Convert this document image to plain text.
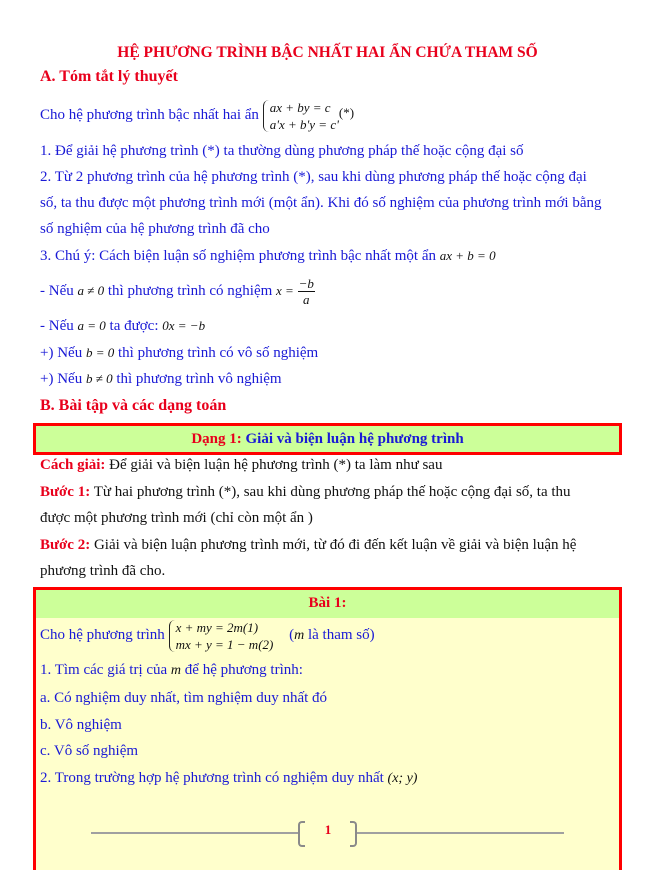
HỆ PHƯƠNG TRÌNH BẬC NHẤT HAI ẨN CHỨA THAM SỐ
A. Tóm tắt lý thuyết
Cho hệ phương trình bậc nhất hai ẩn ax + by = c
a'x + b'y = c'
(*)
1. Để giải hệ phương trình (*) ta thường dùng phương pháp thế hoặc cộng đại số
2. Từ 2 phương trình của hệ phương trình (*), sau khi dùng phương pháp thế hoặc cộng đại
số, ta thu được một phương trình mới (một ẩn). Khi đó số nghiệm của phương trình mới bằng
số nghiệm của hệ phương trình đã cho
3. Chú ý: Cách biện luận số nghiệm phương trình bậc nhất một ẩn ax + b = 0
- Nếu a ≠ 0 thì phương trình có nghiệm $x = \frac{-b}{a}$
- Nếu a = 0 ta được: 0x = −b
+) Nếu b = 0 thì phương trình có vô số nghiệm
+) Nếu b ≠ 0 thì phương trình vô nghiệm
B. Bài tập và các dạng toán
Dạng 1: Giải và biện luận hệ phương trình
Cách giải: Để giải và biện luận hệ phương trình (*) ta làm như sau
Bước 1: Từ hai phương trình (*), sau khi dùng phương pháp thế hoặc cộng đại số, ta thu
được một phương trình mới (chỉ còn một ẩn )
Bước 2: Giải và biện luận phương trình mới, từ đó đi đến kết luận về giải và biện luận hệ
phương trình đã cho.
Bài 1:
Cho hệ phương trình x + my = 2m(1)
mx + y = 1 − m(2)
(m là tham số)
1. Tìm các giá trị của m để hệ phương trình:
a. Có nghiệm duy nhất, tìm nghiệm duy nhất đó
b. Vô nghiệm
c. Vô số nghiệm
2. Trong trường hợp hệ phương trình có nghiệm duy nhất (x; y)
1
